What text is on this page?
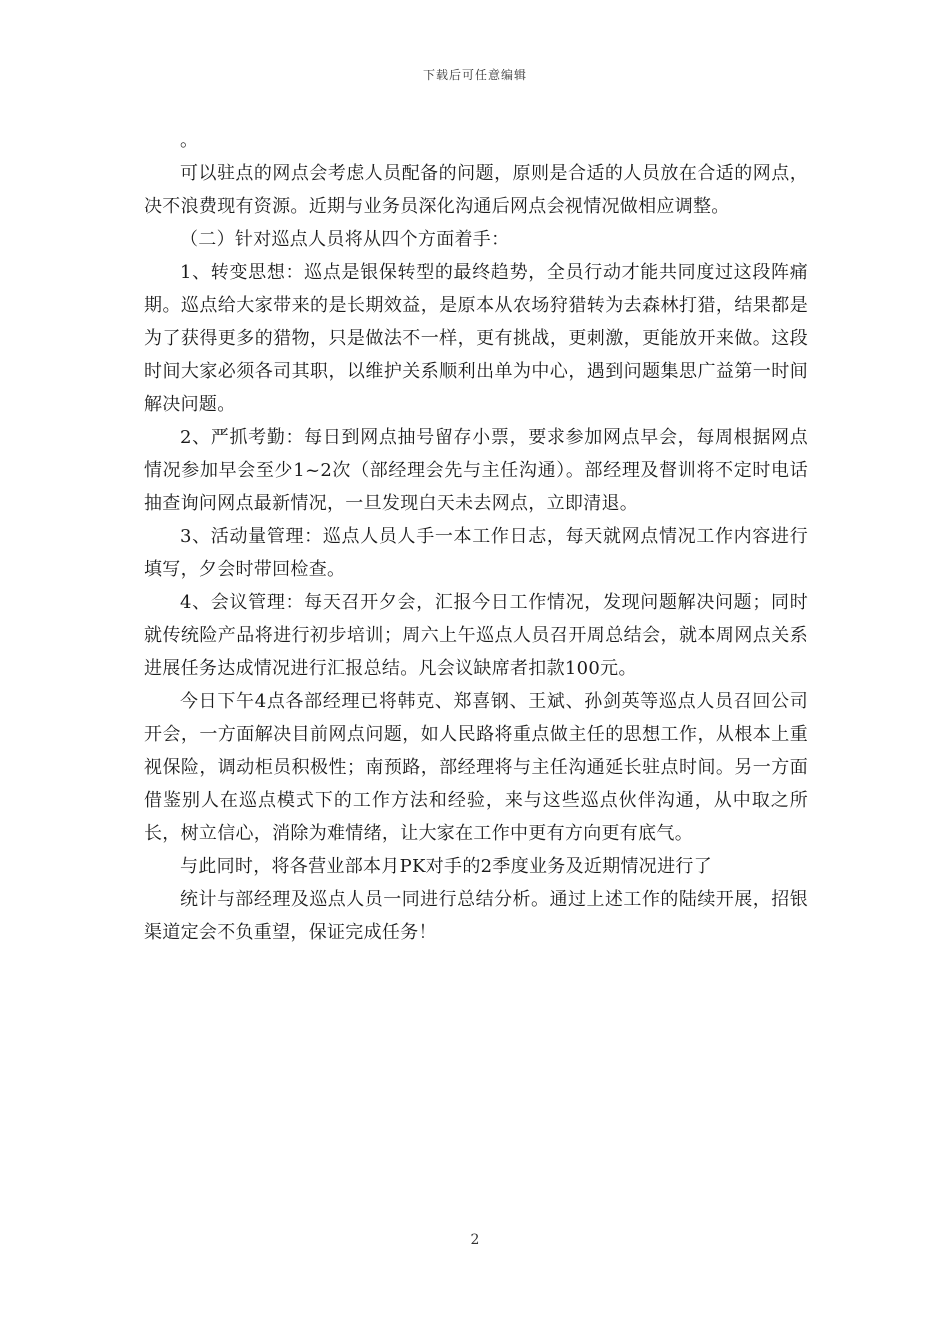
下载后可任意编辑

。

可以驻点的网点会考虑人员配备的问题，原则是合适的人员放在合适的网点，决不浪费现有资源。近期与业务员深化沟通后网点会视情况做相应调整。

（二）针对巡点人员将从四个方面着手：

1、转变思想：巡点是银保转型的最终趋势，全员行动才能共同度过这段阵痛期。巡点给大家带来的是长期效益，是原本从农场狩猎转为去森林打猎，结果都是为了获得更多的猎物，只是做法不一样，更有挑战，更刺激，更能放开来做。这段时间大家必须各司其职，以维护关系顺利出单为中心，遇到问题集思广益第一时间解决问题。

2、严抓考勤：每日到网点抽号留存小票，要求参加网点早会，每周根据网点情况参加早会至少1~2次（部经理会先与主任沟通）。部经理及督训将不定时电话抽查询问网点最新情况，一旦发现白天未去网点，立即清退。

3、活动量管理：巡点人员人手一本工作日志，每天就网点情况工作内容进行填写，夕会时带回检查。

4、会议管理：每天召开夕会，汇报今日工作情况，发现问题解决问题；同时就传统险产品将进行初步培训；周六上午巡点人员召开周总结会，就本周网点关系进展任务达成情况进行汇报总结。凡会议缺席者扣款100元。

今日下午4点各部经理已将韩克、郑喜钢、王斌、孙剑英等巡点人员召回公司开会，一方面解决目前网点问题，如人民路将重点做主任的思想工作，从根本上重视保险，调动柜员积极性；南预路，部经理将与主任沟通延长驻点时间。另一方面借鉴别人在巡点模式下的工作方法和经验，来与这些巡点伙伴沟通，从中取之所长，树立信心，消除为难情绪，让大家在工作中更有方向更有底气。

与此同时，将各营业部本月PK对手的2季度业务及近期情况进行了

统计与部经理及巡点人员一同进行总结分析。通过上述工作的陆续开展，招银渠道定会不负重望，保证完成任务！

2
